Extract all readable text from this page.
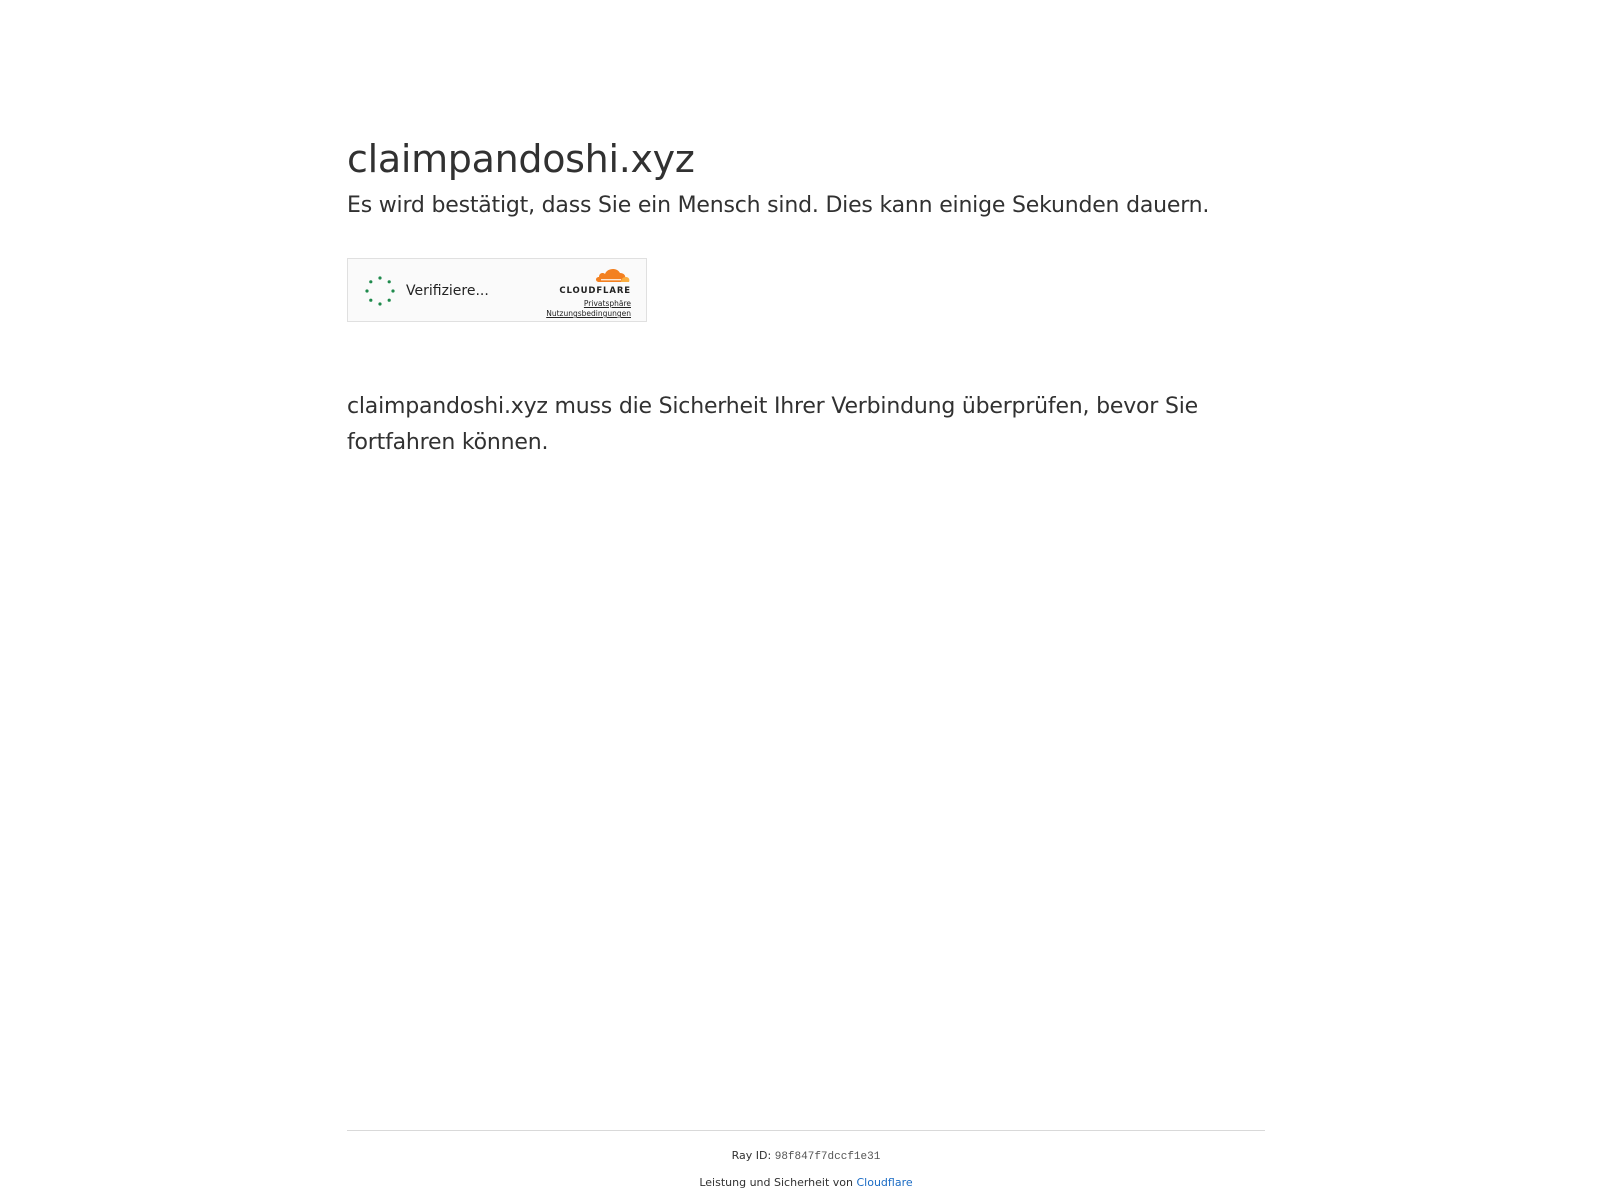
claimpandoshi.xyz

Es wird bestätigt, dass Sie ein Mensch sind. Dies kann einige Sekunden dauern.

Verifiziere...	CLOUDFLARE
Privatsphäre
Nutzungsbedingungen

claimpandoshi.xyz muss die Sicherheit Ihrer Verbindung überprüfen, bevor Sie fortfahren können.

Ray ID: 98f847f7dccf1e31
Leistung und Sicherheit von Cloudflare
